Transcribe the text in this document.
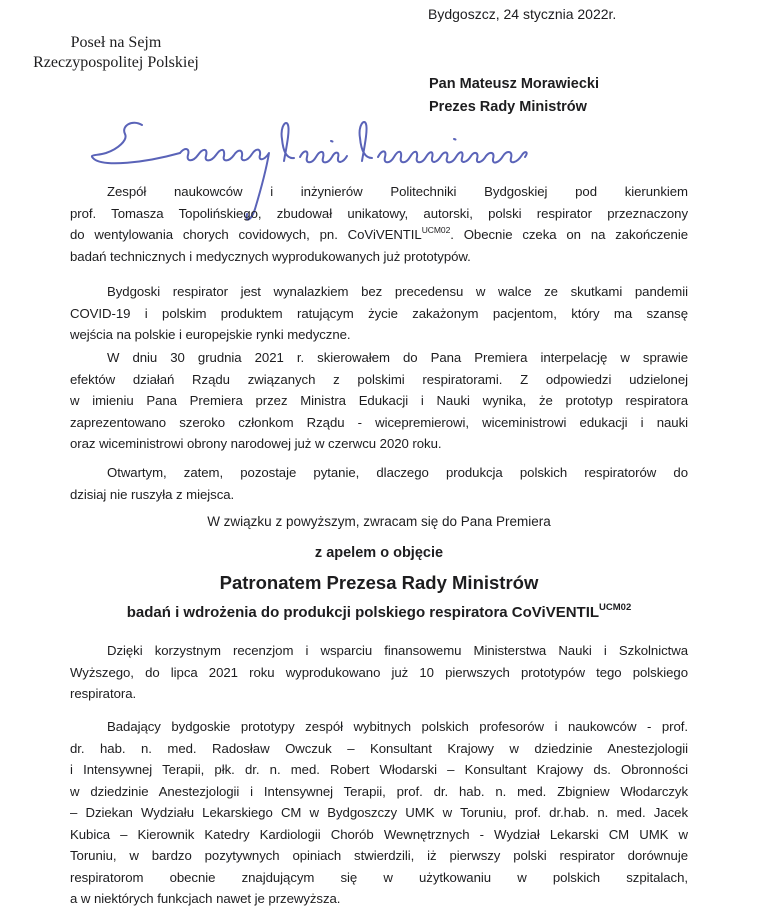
Bydgoszcz, 24 stycznia 2022r.
Poseł na Sejm
Rzeczypospolitej Polskiej
Pan Mateusz Morawiecki
Prezes Rady Ministrów
Zespół naukowców i inżynierów Politechniki Bydgoskiej pod kierunkiem
prof. Tomasza Topolińskiego, zbudował unikatowy, autorski, polski respirator przeznaczony
do wentylowania chorych covidowych, pn. CoViVENTIL$^{UCM02}$. Obecnie czeka on na zakończenie
badań technicznych i medycznych wyprodukowanych już prototypów.
Bydgoski respirator jest wynalazkiem bez precedensu w walce ze skutkami pandemii
COVID-19 i polskim produktem ratującym życie zakażonym pacjentom, który ma szansę
wejścia na polskie i europejskie rynki medyczne.
W dniu 30 grudnia 2021 r. skierowałem do Pana Premiera interpelację w sprawie
efektów działań Rządu związanych z polskimi respiratorami. Z odpowiedzi udzielonej
w imieniu Pana Premiera przez Ministra Edukacji i Nauki wynika, że prototyp respiratora
zaprezentowano szeroko członkom Rządu - wicepremierowi, wiceministrowi edukacji i nauki
oraz wiceministrowi obrony narodowej już w czerwcu 2020 roku.
Otwartym, zatem, pozostaje pytanie, dlaczego produkcja polskich respiratorów do
dzisiaj nie ruszyła z miejsca.
W związku z powyższym, zwracam się do Pana Premiera
z apelem o objęcie
Patronatem Prezesa Rady Ministrów
badań i wdrożenia do produkcji polskiego respiratora CoViVENTIL$^{UCM02}$
Dzięki korzystnym recenzjom i wsparciu finansowemu Ministerstwa Nauki i Szkolnictwa
Wyższego, do lipca 2021 roku wyprodukowano już 10 pierwszych prototypów tego polskiego
respiratora.
Badający bydgoskie prototypy zespół wybitnych polskich profesorów i naukowców - prof.
dr. hab. n. med. Radosław Owczuk – Konsultant Krajowy w dziedzinie Anestezjologii
i Intensywnej Terapii, płk. dr. n. med. Robert Włodarski – Konsultant Krajowy ds. Obronności
w dziedzinie Anestezjologii i Intensywnej Terapii, prof. dr. hab. n. med. Zbigniew Włodarczyk
– Dziekan Wydziału Lekarskiego CM w Bydgoszczy UMK w Toruniu, prof. dr.hab. n. med. Jacek
Kubica – Kierownik Katedry Kardiologii Chorób Wewnętrznych - Wydział Lekarski CM UMK w
Toruniu, w bardzo pozytywnych opiniach stwierdzili, iż pierwszy polski respirator dorównuje
respiratorom obecnie znajdującym się w użytkowaniu w polskich szpitalach,
a w niektórych funkcjach nawet je przewyższa.
